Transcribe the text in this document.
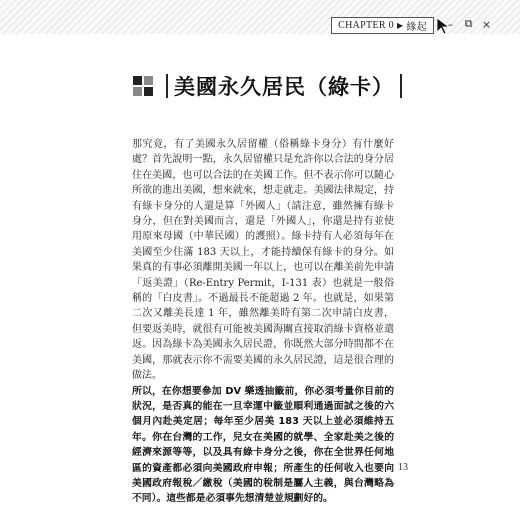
CHAPTER 0 ▶ 緣起 – ⧉ ×
美國永久居民（綠卡）

那究竟，有了美國永久居留權（俗稱綠卡身分）有什麼好處？首先說明一點，永久居留權只是允許你以合法的身分居住在美國，也可以合法的在美國工作。但不表示你可以隨心所欲的進出美國，想來就來，想走就走。美國法律規定，持有綠卡身分的人還是算「外國人」（請注意，雖然擁有綠卡身分，但在對美國而言，還是「外國人」，你還是持有並使用原來母國（中華民國）的護照）。綠卡持有人必須每年在美國至少住滿 183 天以上，才能持續保有綠卡的身分。如果真的有事必須離開美國一年以上，也可以在離美前先申請「返美證」（Re-Entry Permit，I-131 表）也就是一般俗稱的「白皮書」。不過最長不能超過 2 年。也就是，如果第二次又離美長達 1 年，雖然離美時有第二次申請白皮書，但要返美時，就很有可能被美國海關直接取消綠卡資格並遣返。因為綠卡為美國永久居民證，你既然大部分時間都不在美國，那就表示你不需要美國的永久居民證，這是很合理的做法。

所以，在你想要參加 DV 樂透抽籤前，你必須考量你目前的狀況，是否真的能在一旦幸運中籤並順利通過面試之後的六個月內赴美定居；每年至少居美 183 天以上並必須維持五年。你在台灣的工作，兒女在美國的就學、全家赴美之後的經濟來源等等，以及具有綠卡身分之後，你在全世界任何地區的資產都必須向美國政府申報；所產生的任何收入也要向美國政府報稅／繳稅（美國的稅制是屬人主義，與台灣略為不同）。這些都是必須事先想清楚並規劃好的。

13
